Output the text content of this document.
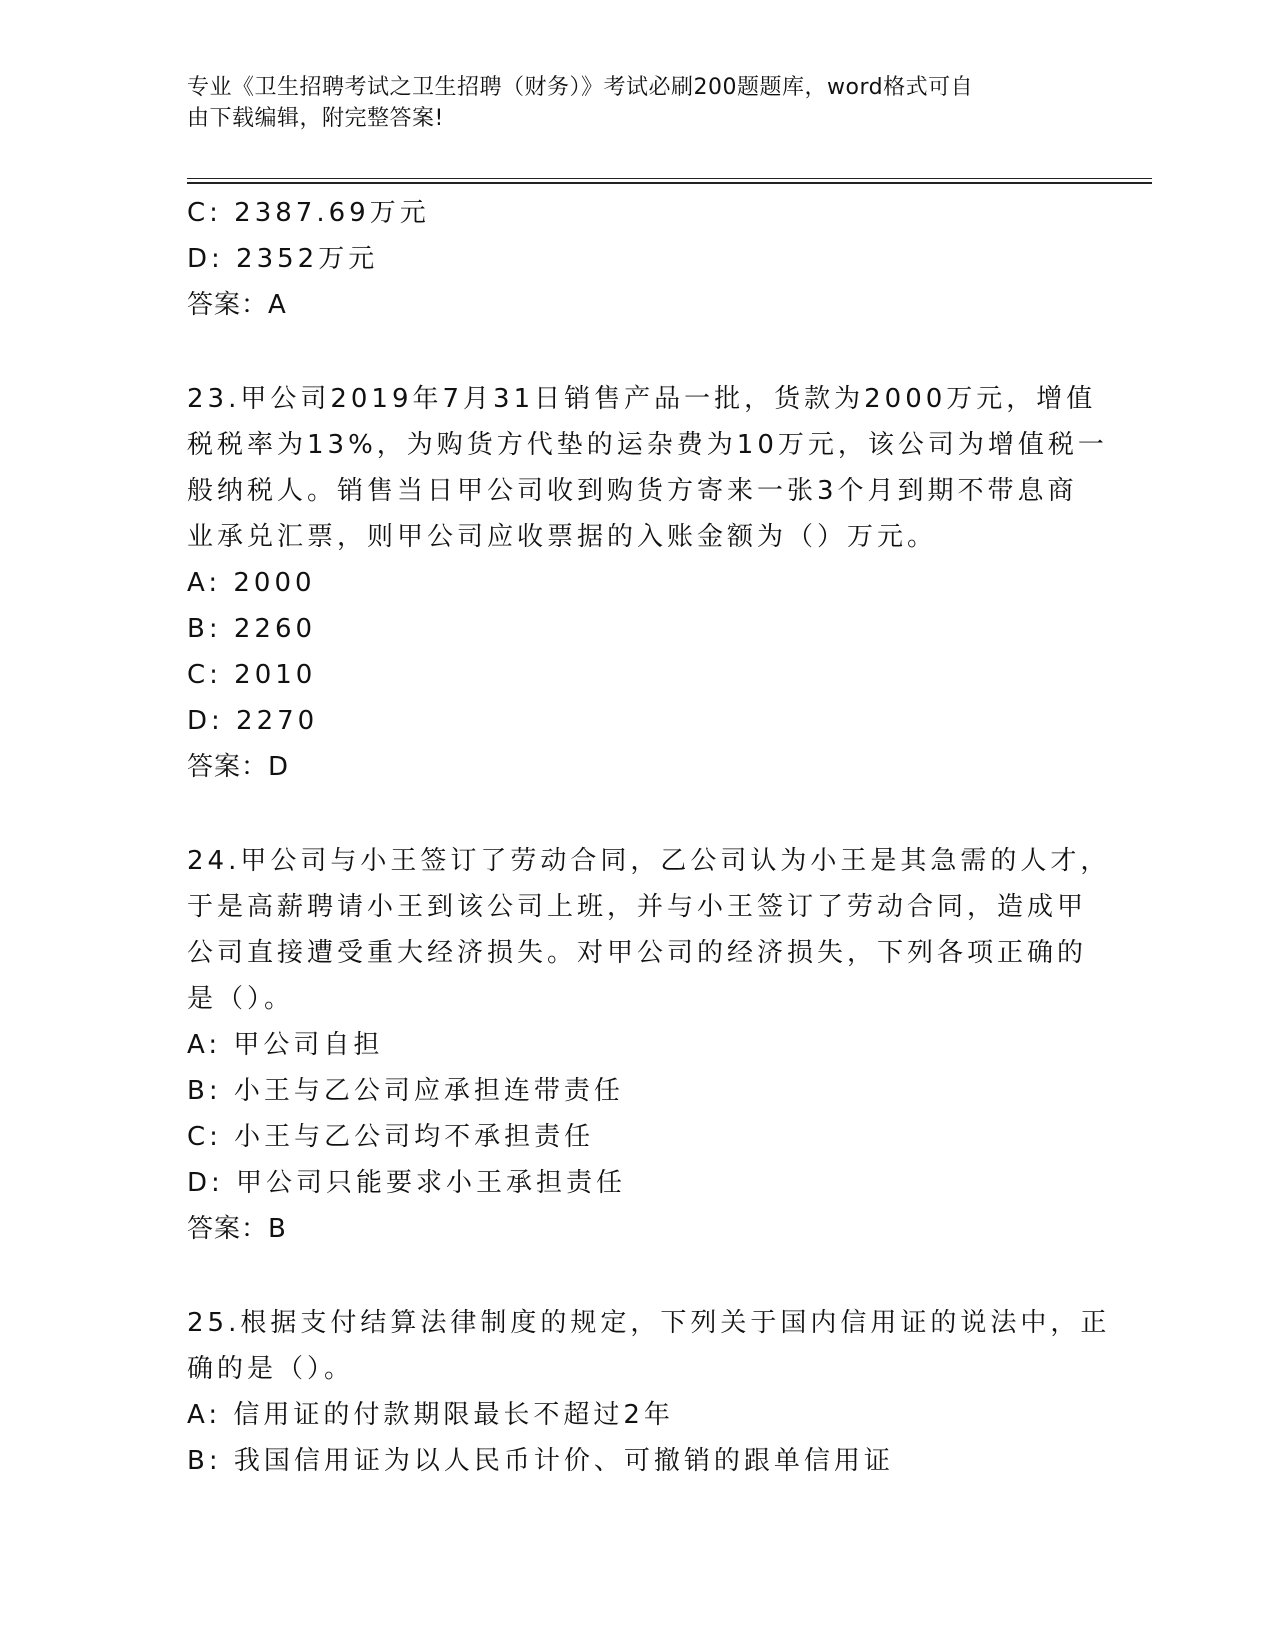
专业《卫生招聘考试之卫生招聘（财务）》考试必刷200题题库，word格式可自
由下载编辑，附完整答案!
C: 2387.69万元
D: 2352万元
答案：A
23.甲公司2019年7月31日销售产品一批，货款为2000万元，增值
税税率为13%，为购货方代垫的运杂费为10万元，该公司为增值税一
般纳税人。销售当日甲公司收到购货方寄来一张3个月到期不带息商
业承兑汇票，则甲公司应收票据的入账金额为（）万元。
A: 2000
B: 2260
C: 2010
D: 2270
答案：D
24.甲公司与小王签订了劳动合同，乙公司认为小王是其急需的人才，
于是高薪聘请小王到该公司上班，并与小王签订了劳动合同，造成甲
公司直接遭受重大经济损失。对甲公司的经济损失，下列各项正确的
是（）。
A: 甲公司自担
B: 小王与乙公司应承担连带责任
C: 小王与乙公司均不承担责任
D: 甲公司只能要求小王承担责任
答案：B
25.根据支付结算法律制度的规定，下列关于国内信用证的说法中，正
确的是（）。
A: 信用证的付款期限最长不超过2年
B: 我国信用证为以人民币计价、可撤销的跟单信用证
